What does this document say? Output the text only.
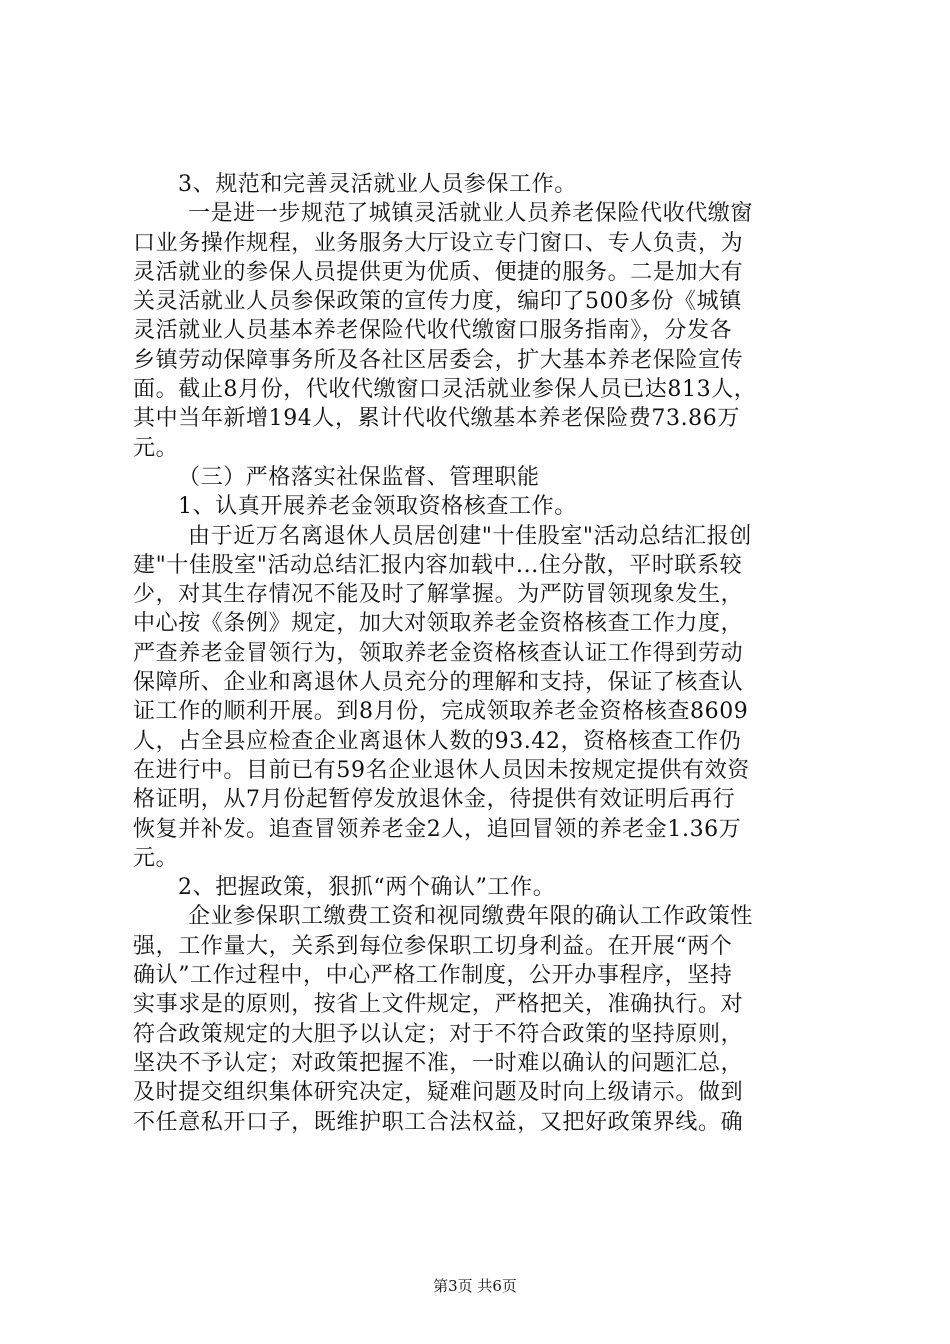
3、规范和完善灵活就业人员参保工作。
一是进一步规范了城镇灵活就业人员养老保险代收代缴窗
口业务操作规程，业务服务大厅设立专门窗口、专人负责，为
灵活就业的参保人员提供更为优质、便捷的服务。二是加大有
关灵活就业人员参保政策的宣传力度，编印了500多份《城镇
灵活就业人员基本养老保险代收代缴窗口服务指南》，分发各
乡镇劳动保障事务所及各社区居委会，扩大基本养老保险宣传
面。截止8月份，代收代缴窗口灵活就业参保人员已达813人，
其中当年新增194人，累计代收代缴基本养老保险费73.86万
元。
（三）严格落实社保监督、管理职能
1、认真开展养老金领取资格核查工作。
由于近万名离退休人员居创建"十佳股室"活动总结汇报创
建"十佳股室"活动总结汇报内容加载中...住分散，平时联系较
少，对其生存情况不能及时了解掌握。为严防冒领现象发生，
中心按《条例》规定，加大对领取养老金资格核查工作力度，
严查养老金冒领行为，领取养老金资格核查认证工作得到劳动
保障所、企业和离退休人员充分的理解和支持，保证了核查认
证工作的顺利开展。到8月份，完成领取养老金资格核查8609
人，占全县应检查企业离退休人数的93.42，资格核查工作仍
在进行中。目前已有59名企业退休人员因未按规定提供有效资
格证明，从7月份起暂停发放退休金，待提供有效证明后再行
恢复并补发。追查冒领养老金2人，追回冒领的养老金1.36万
元。
2、把握政策，狠抓“两个确认”工作。
企业参保职工缴费工资和视同缴费年限的确认工作政策性
强，工作量大，关系到每位参保职工切身利益。在开展“两个
确认”工作过程中，中心严格工作制度，公开办事程序，坚持
实事求是的原则，按省上文件规定，严格把关，准确执行。对
符合政策规定的大胆予以认定；对于不符合政策的坚持原则，
坚决不予认定；对政策把握不准，一时难以确认的问题汇总，
及时提交组织集体研究决定，疑难问题及时向上级请示。做到
不任意私开口子，既维护职工合法权益，又把好政策界线。确
第3页 共6页
